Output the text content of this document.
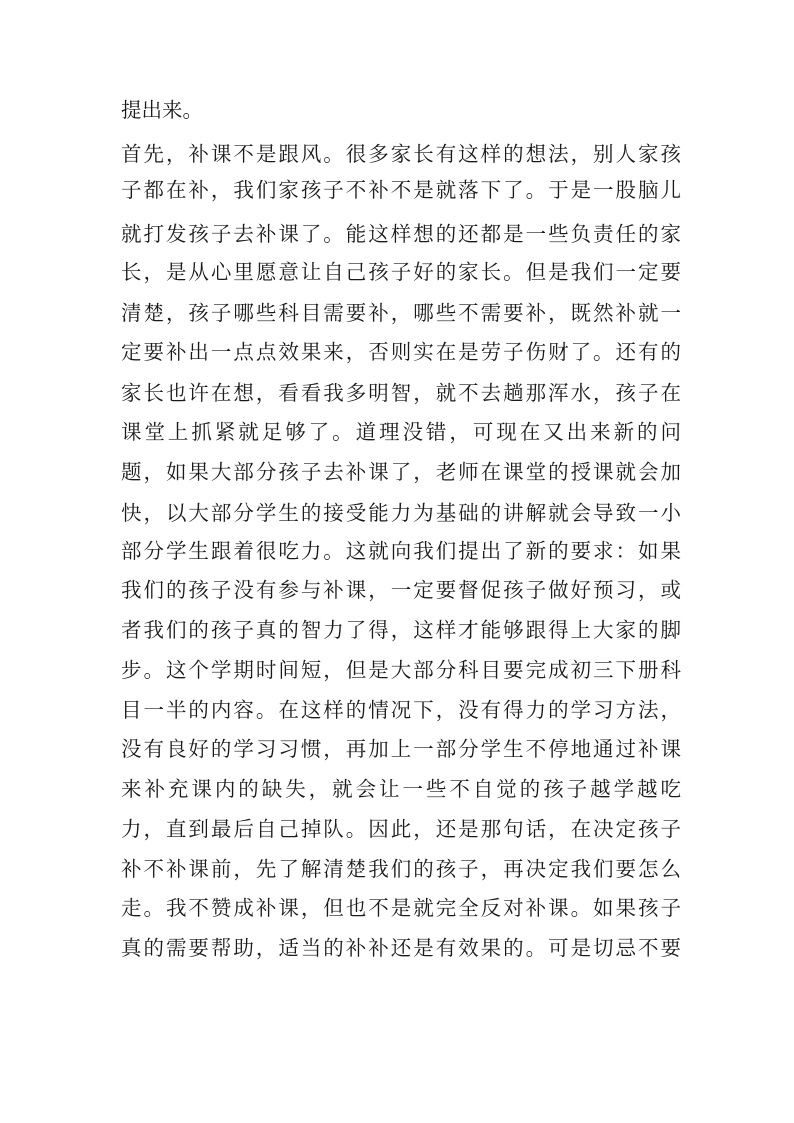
提出来。
首先，补课不是跟风。很多家长有这样的想法，别人家孩
子都在补，我们家孩子不补不是就落下了。于是一股脑儿
就打发孩子去补课了。能这样想的还都是一些负责任的家
长，是从心里愿意让自己孩子好的家长。但是我们一定要
清楚，孩子哪些科目需要补，哪些不需要补，既然补就一
定要补出一点点效果来，否则实在是劳子伤财了。还有的
家长也许在想，看看我多明智，就不去趟那浑水，孩子在
课堂上抓紧就足够了。道理没错，可现在又出来新的问
题，如果大部分孩子去补课了，老师在课堂的授课就会加
快，以大部分学生的接受能力为基础的讲解就会导致一小
部分学生跟着很吃力。这就向我们提出了新的要求：如果
我们的孩子没有参与补课，一定要督促孩子做好预习，或
者我们的孩子真的智力了得，这样才能够跟得上大家的脚
步。这个学期时间短，但是大部分科目要完成初三下册科
目一半的内容。在这样的情况下，没有得力的学习方法，
没有良好的学习习惯，再加上一部分学生不停地通过补课
来补充课内的缺失，就会让一些不自觉的孩子越学越吃
力，直到最后自己掉队。因此，还是那句话，在决定孩子
补不补课前，先了解清楚我们的孩子，再决定我们要怎么
走。我不赞成补课，但也不是就完全反对补课。如果孩子
真的需要帮助，适当的补补还是有效果的。可是切忌不要
